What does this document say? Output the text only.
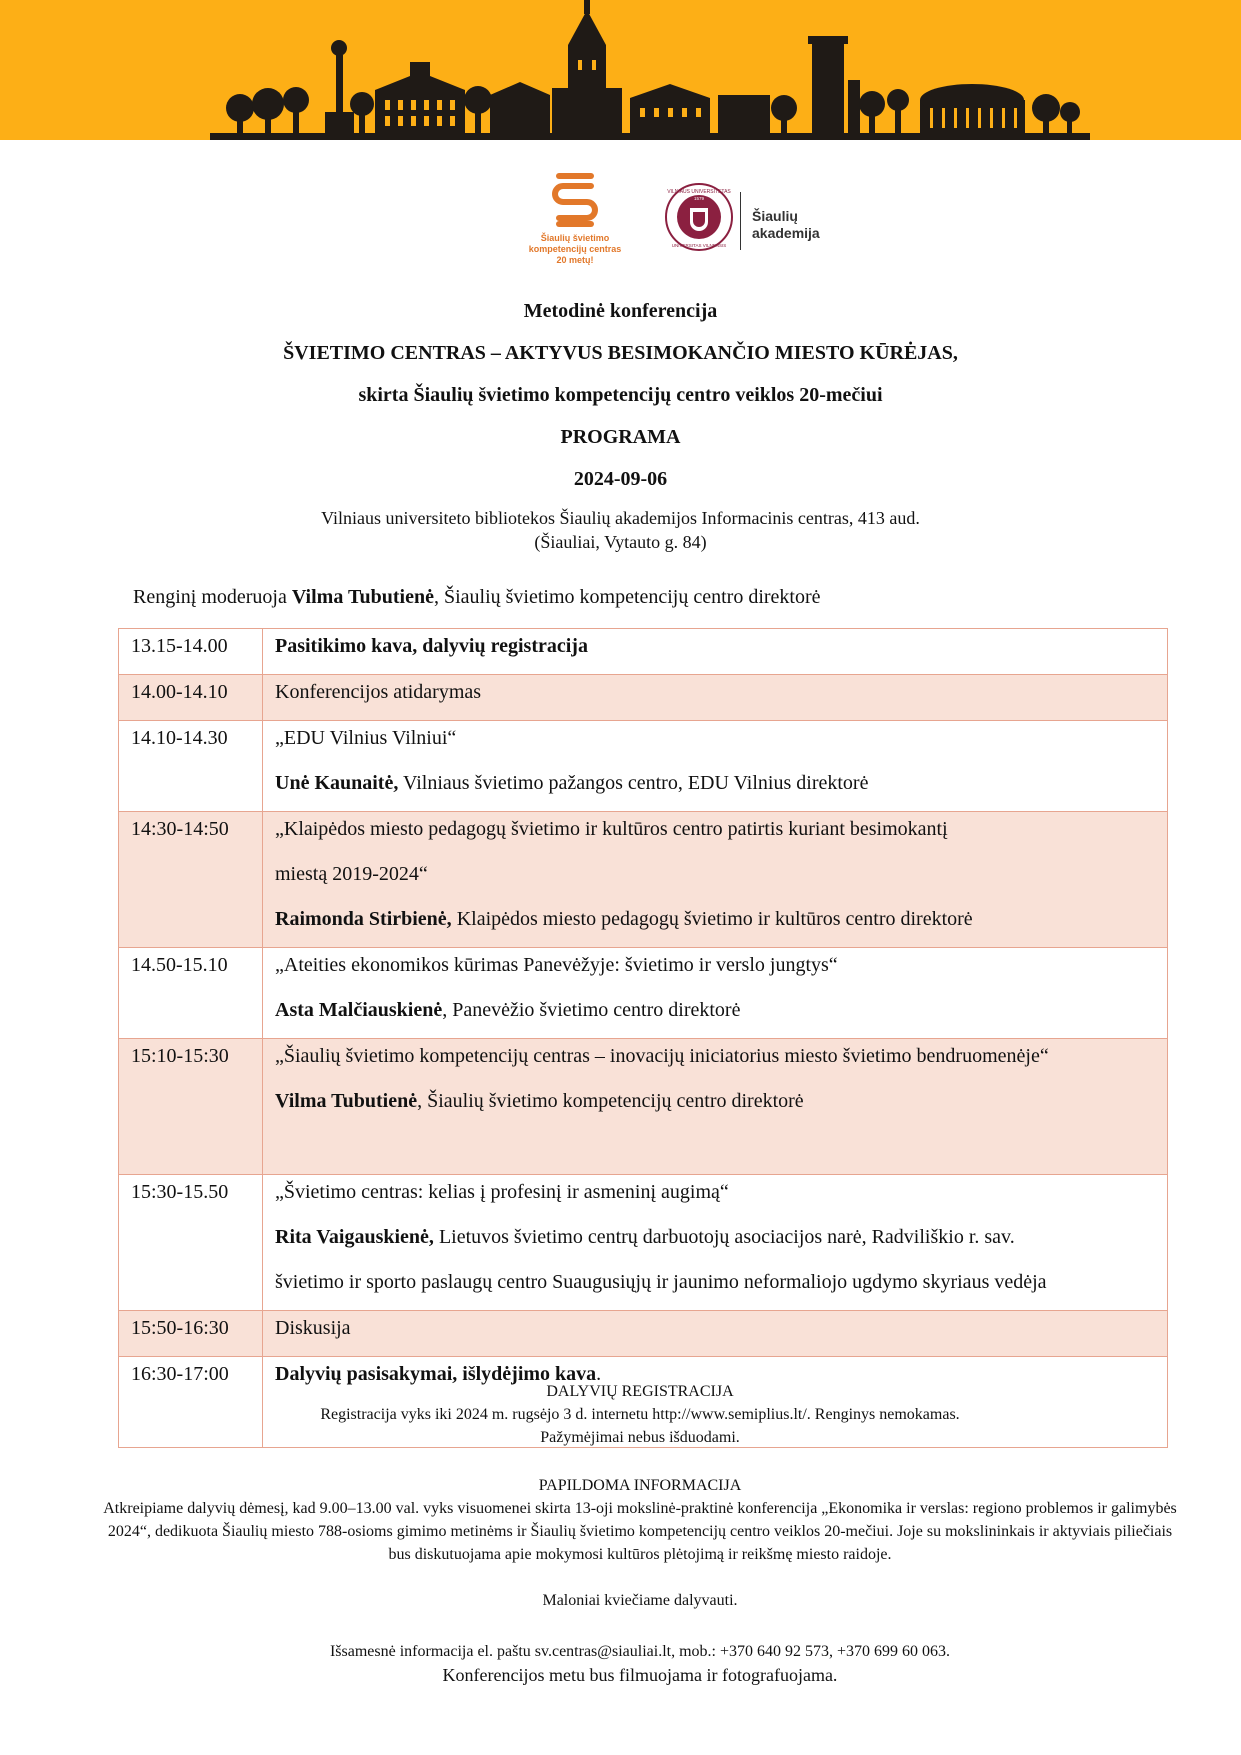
Šiaulių švietimo
kompetencijų centras
20 metų!
VILNIAUS UNIVERSITETAS
1579
UNIVERSITAS VILNENSIS
Šiaulių
akademija
Metodinė konferencija
ŠVIETIMO CENTRAS – AKTYVUS BESIMOKANČIO MIESTO KŪRĖJAS,
skirta Šiaulių švietimo kompetencijų centro veiklos 20-mečiui
PROGRAMA
2024-09-06
Vilniaus universiteto bibliotekos Šiaulių akademijos Informacinis centras, 413 aud.
(Šiauliai, Vytauto g. 84)
Renginį moderuoja Vilma Tubutienė, Šiaulių švietimo kompetencijų centro direktorė
13.15-14.00	Pasitikimo kava, dalyvių registracija

14.00-14.10	Konferencijos atidarymas

14.10-14.30	„EDU Vilnius Vilniui“
Unė Kaunaitė, Vilniaus švietimo pažangos centro, EDU Vilnius direktorė

14:30-14:50	„Klaipėdos miesto pedagogų švietimo ir kultūros centro patirtis kuriant besimokantį
miestą 2019-2024“
Raimonda Stirbienė, Klaipėdos miesto pedagogų švietimo ir kultūros centro direktorė

14.50-15.10	„Ateities ekonomikos kūrimas Panevėžyje: švietimo ir verslo jungtys“
Asta Malčiauskienė, Panevėžio švietimo centro direktorė

15:10-15:30	„Šiaulių švietimo kompetencijų centras – inovacijų iniciatorius miesto švietimo bendruomenėje“
Vilma Tubutienė, Šiaulių švietimo kompetencijų centro direktorė

15:30-15.50	„Švietimo centras: kelias į profesinį ir asmeninį augimą“
Rita Vaigauskienė, Lietuvos švietimo centrų darbuotojų asociacijos narė, Radviliškio r. sav.
švietimo ir sporto paslaugų centro Suaugusiųjų ir jaunimo neformaliojo ugdymo skyriaus vedėja

15:50-16:30	Diskusija

16:30-17:00	Dalyvių pasisakymai, išlydėjimo kava.
DALYVIŲ REGISTRACIJA
Registracija vyks iki 2024 m. rugsėjo 3 d. internetu http://www.semiplius.lt/. Renginys nemokamas.
Pažymėjimai nebus išduodami.
PAPILDOMA INFORMACIJA
Atkreipiame dalyvių dėmesį, kad 9.00–13.00 val. vyks visuomenei skirta 13-oji mokslinė-praktinė konferencija „Ekonomika ir verslas: regiono problemos ir galimybės 2024“, dedikuota Šiaulių miesto 788-osioms gimimo metinėms ir Šiaulių švietimo kompetencijų centro veiklos 20-mečiui. Joje su mokslininkais ir aktyviais piliečiais bus diskutuojama apie mokymosi kultūros plėtojimą ir reikšmę miesto raidoje.
Maloniai kviečiame dalyvauti.
Išsamesnė informacija el. paštu sv.centras@siauliai.lt, mob.: +370 640 92 573, +370 699 60 063.
Konferencijos metu bus filmuojama ir fotografuojama.
